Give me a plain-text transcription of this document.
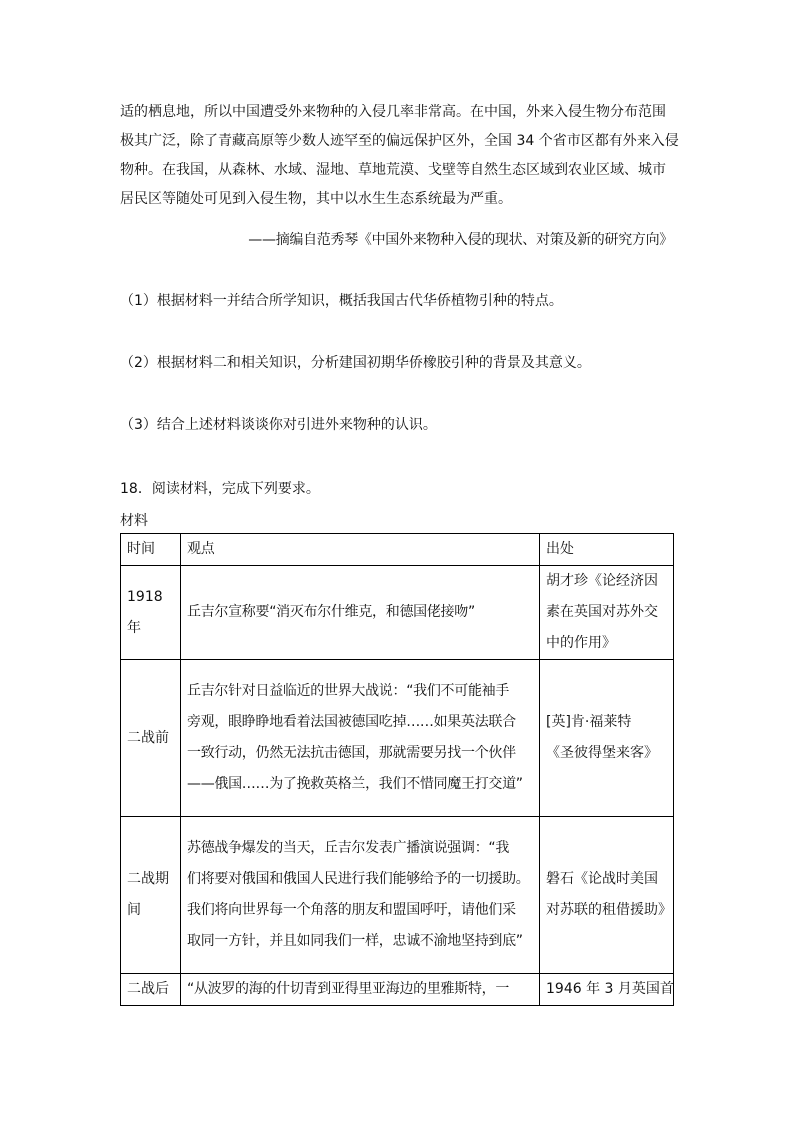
适的栖息地，所以中国遭受外来物种的入侵几率非常高。在中国，外来入侵生物分布范围
极其广泛，除了青藏高原等少数人迹罕至的偏远保护区外，全国 34 个省市区都有外来入侵
物种。在我国，从森林、水域、湿地、草地荒漠、戈壁等自然生态区域到农业区域、城市
居民区等随处可见到入侵生物，其中以水生生态系统最为严重。
——摘编自范秀琴《中国外来物种入侵的现状、对策及新的研究方向》
（1）根据材料一并结合所学知识，概括我国古代华侨植物引种的特点。
（2）根据材料二和相关知识，分析建国初期华侨橡胶引种的背景及其意义。
（3）结合上述材料谈谈你对引进外来物种的认识。
18．阅读材料，完成下列要求。
材料
时间	观点	出处

1918
年	丘吉尔宣称要“消灭布尔什维克，和德国佬接吻”	胡才珍《论经济因
素在英国对苏外交
中的作用》

二战前	丘吉尔针对日益临近的世界大战说：“我们不可能袖手
旁观，眼睁睁地看着法国被德国吃掉……如果英法联合
一致行动，仍然无法抗击德国，那就需要另找一个伙伴
——俄国……为了挽救英格兰，我们不惜同魔王打交道”	[英]肯·福莱特
《圣彼得堡来客》

二战期
间	苏德战争爆发的当天，丘吉尔发表广播演说强调：“我
们将要对俄国和俄国人民进行我们能够给予的一切援助。
我们将向世界每一个角落的朋友和盟国呼吁，请他们采
取同一方针，并且如同我们一样，忠诚不渝地坚持到底”	磐石《论战时美国
对苏联的租借援助》

二战后	“从波罗的海的什切青到亚得里亚海边的里雅斯特，一	1946 年 3 月英国首
